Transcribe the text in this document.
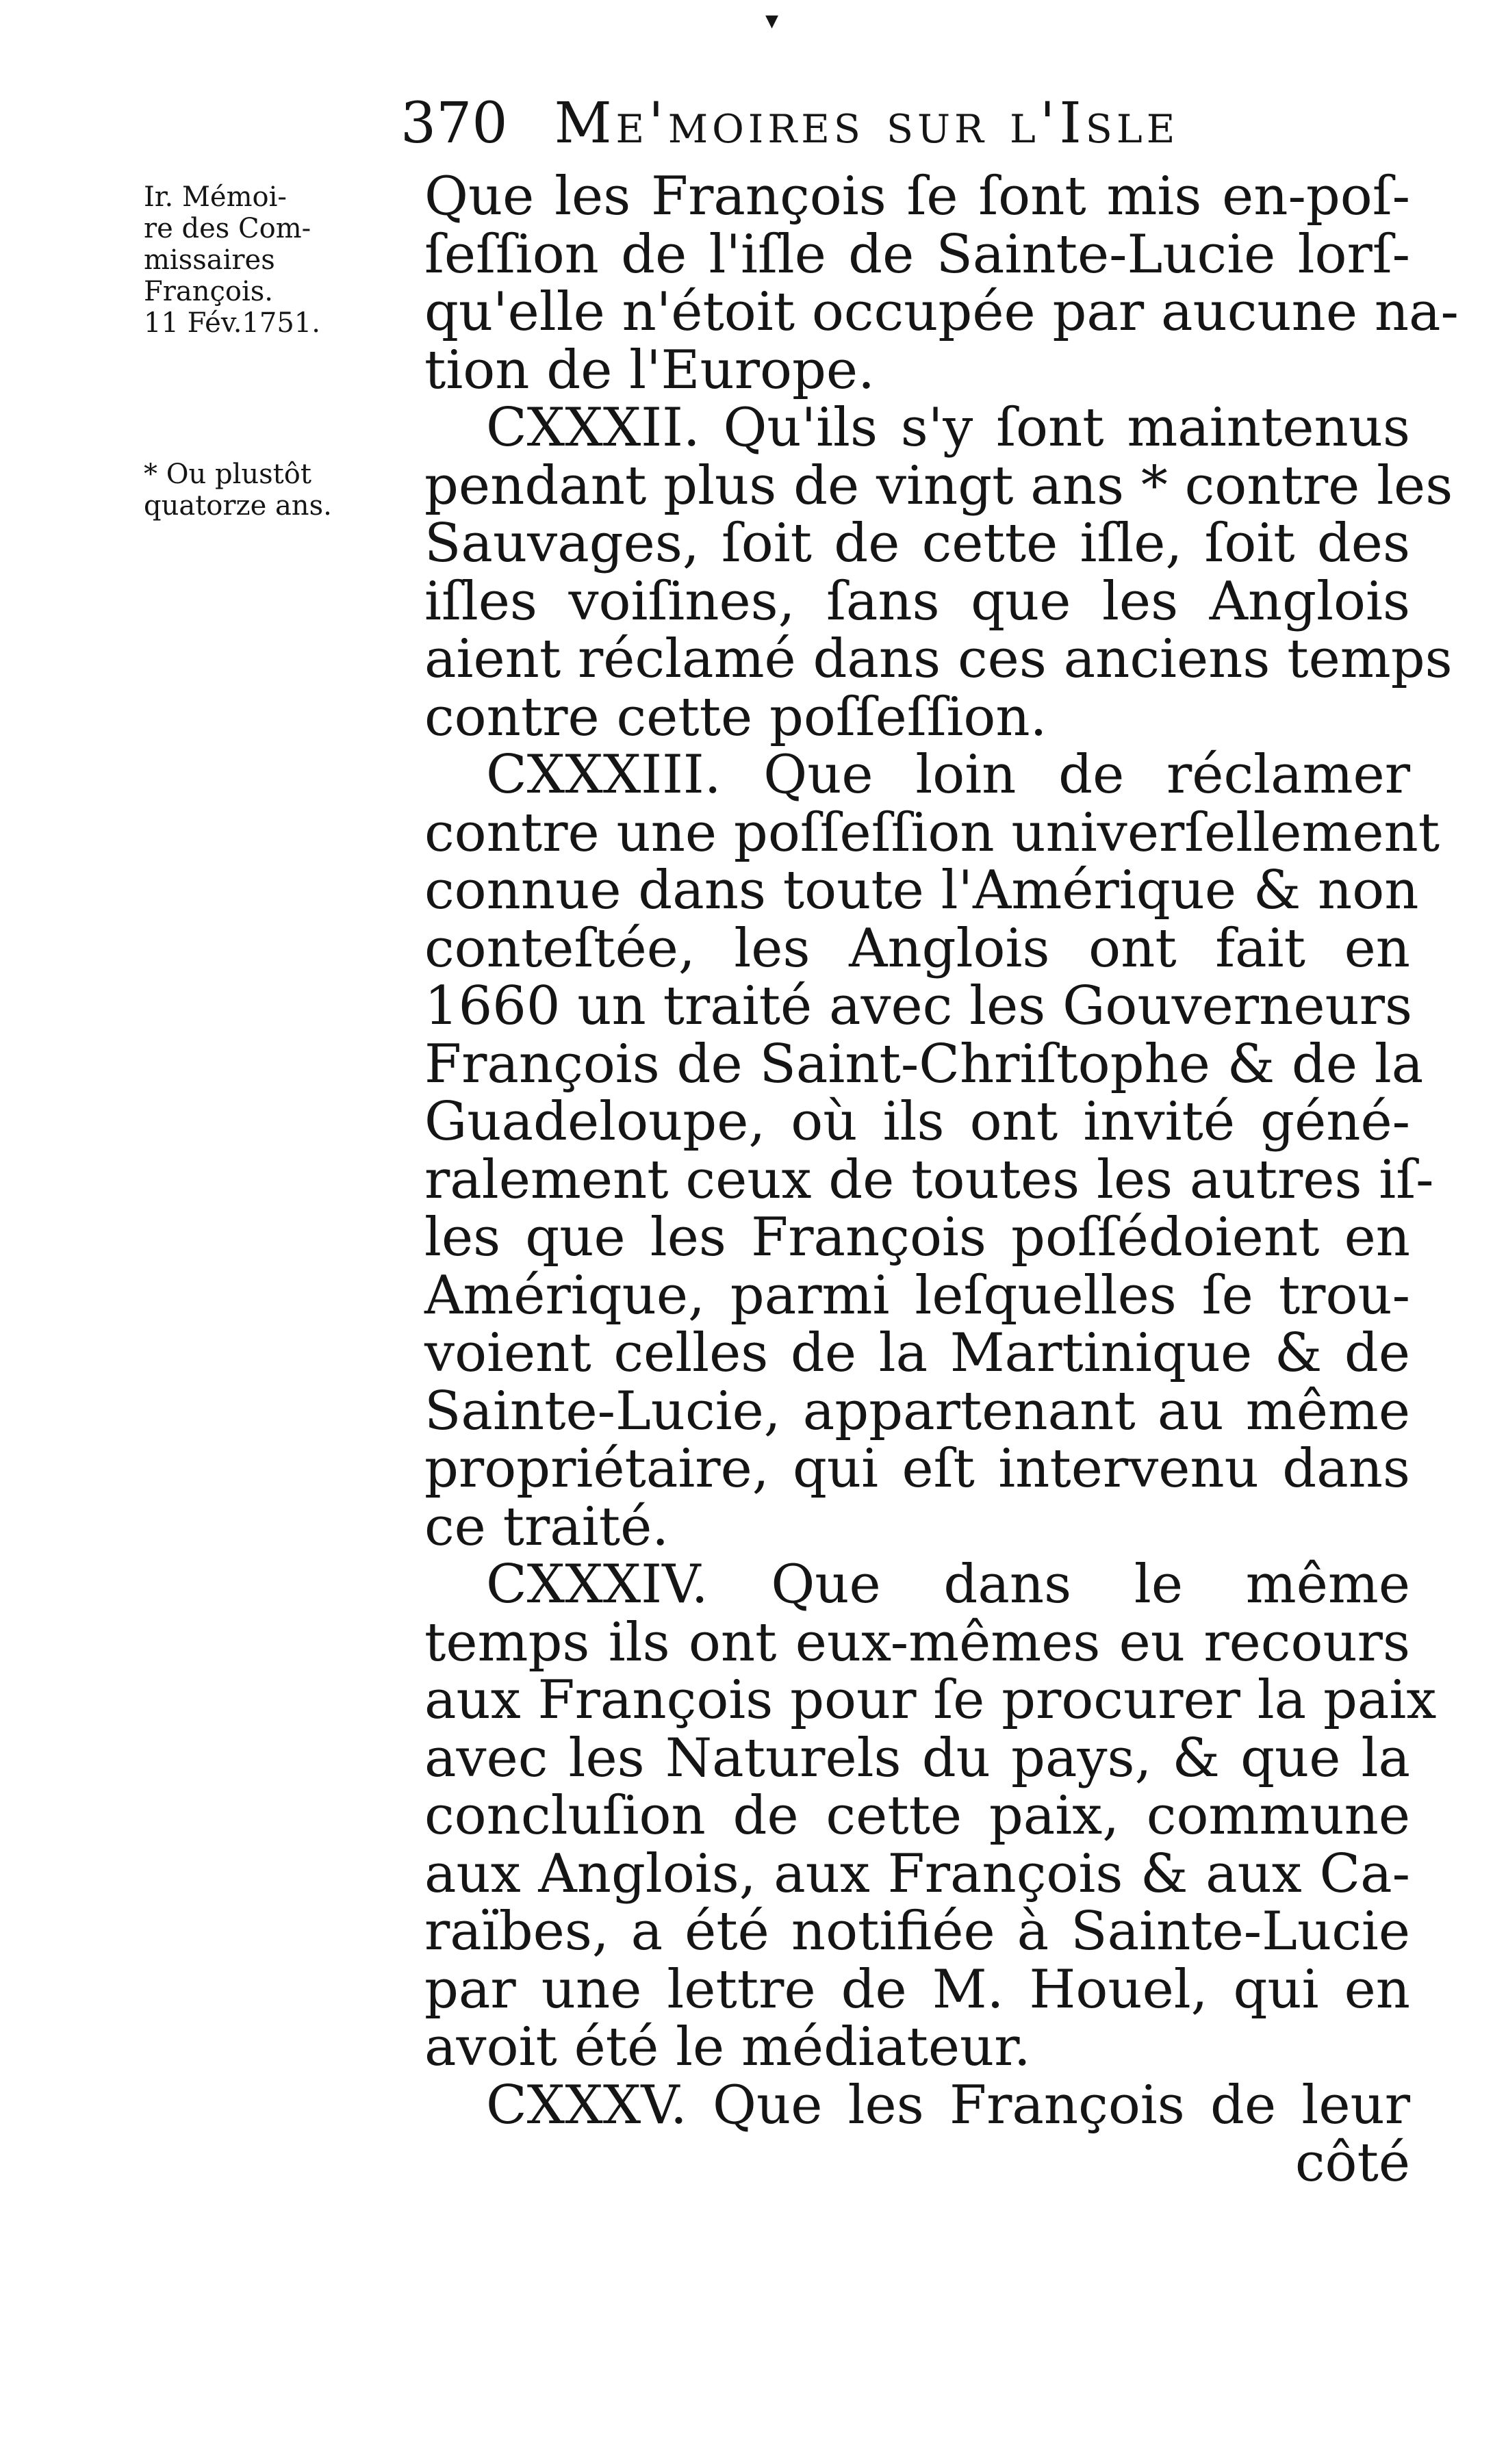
▾
370 Me'moires sur l'Isle
Ir. Mémoi-
re des Com-
missaires
François.
11 Fév.1751.
* Ou plustôt
quatorze ans.
Que les François ſe ſont mis en-poſ-
ſeſſion de l'iſle de Sainte-Lucie lorſ-
qu'elle n'étoit occupée par aucune na-
tion de l'Europe.
CXXXII. Qu'ils s'y ſont maintenus
pendant plus de vingt ans * contre les
Sauvages, ſoit de cette iſle, ſoit des
iſles voiſines, ſans que les Anglois
aient réclamé dans ces anciens temps
contre cette poſſeſſion.
CXXXIII. Que loin de réclamer
contre une poſſeſſion univerſellement
connue dans toute l'Amérique & non
conteſtée, les Anglois ont fait en
1660 un traité avec les Gouverneurs
François de Saint-Chriſtophe & de la
Guadeloupe, où ils ont invité géné-
ralement ceux de toutes les autres iſ-
les que les François poſſédoient en
Amérique, parmi leſquelles ſe trou-
voient celles de la Martinique & de
Sainte-Lucie, appartenant au même
propriétaire, qui eſt intervenu dans
ce traité.
CXXXIV. Que dans le même
temps ils ont eux-mêmes eu recours
aux François pour ſe procurer la paix
avec les Naturels du pays, & que la
concluſion de cette paix, commune
aux Anglois, aux François & aux Ca-
raïbes, a été notifiée à Sainte-Lucie
par une lettre de M. Houel, qui en
avoit été le médiateur.
CXXXV. Que les François de leur
côté
